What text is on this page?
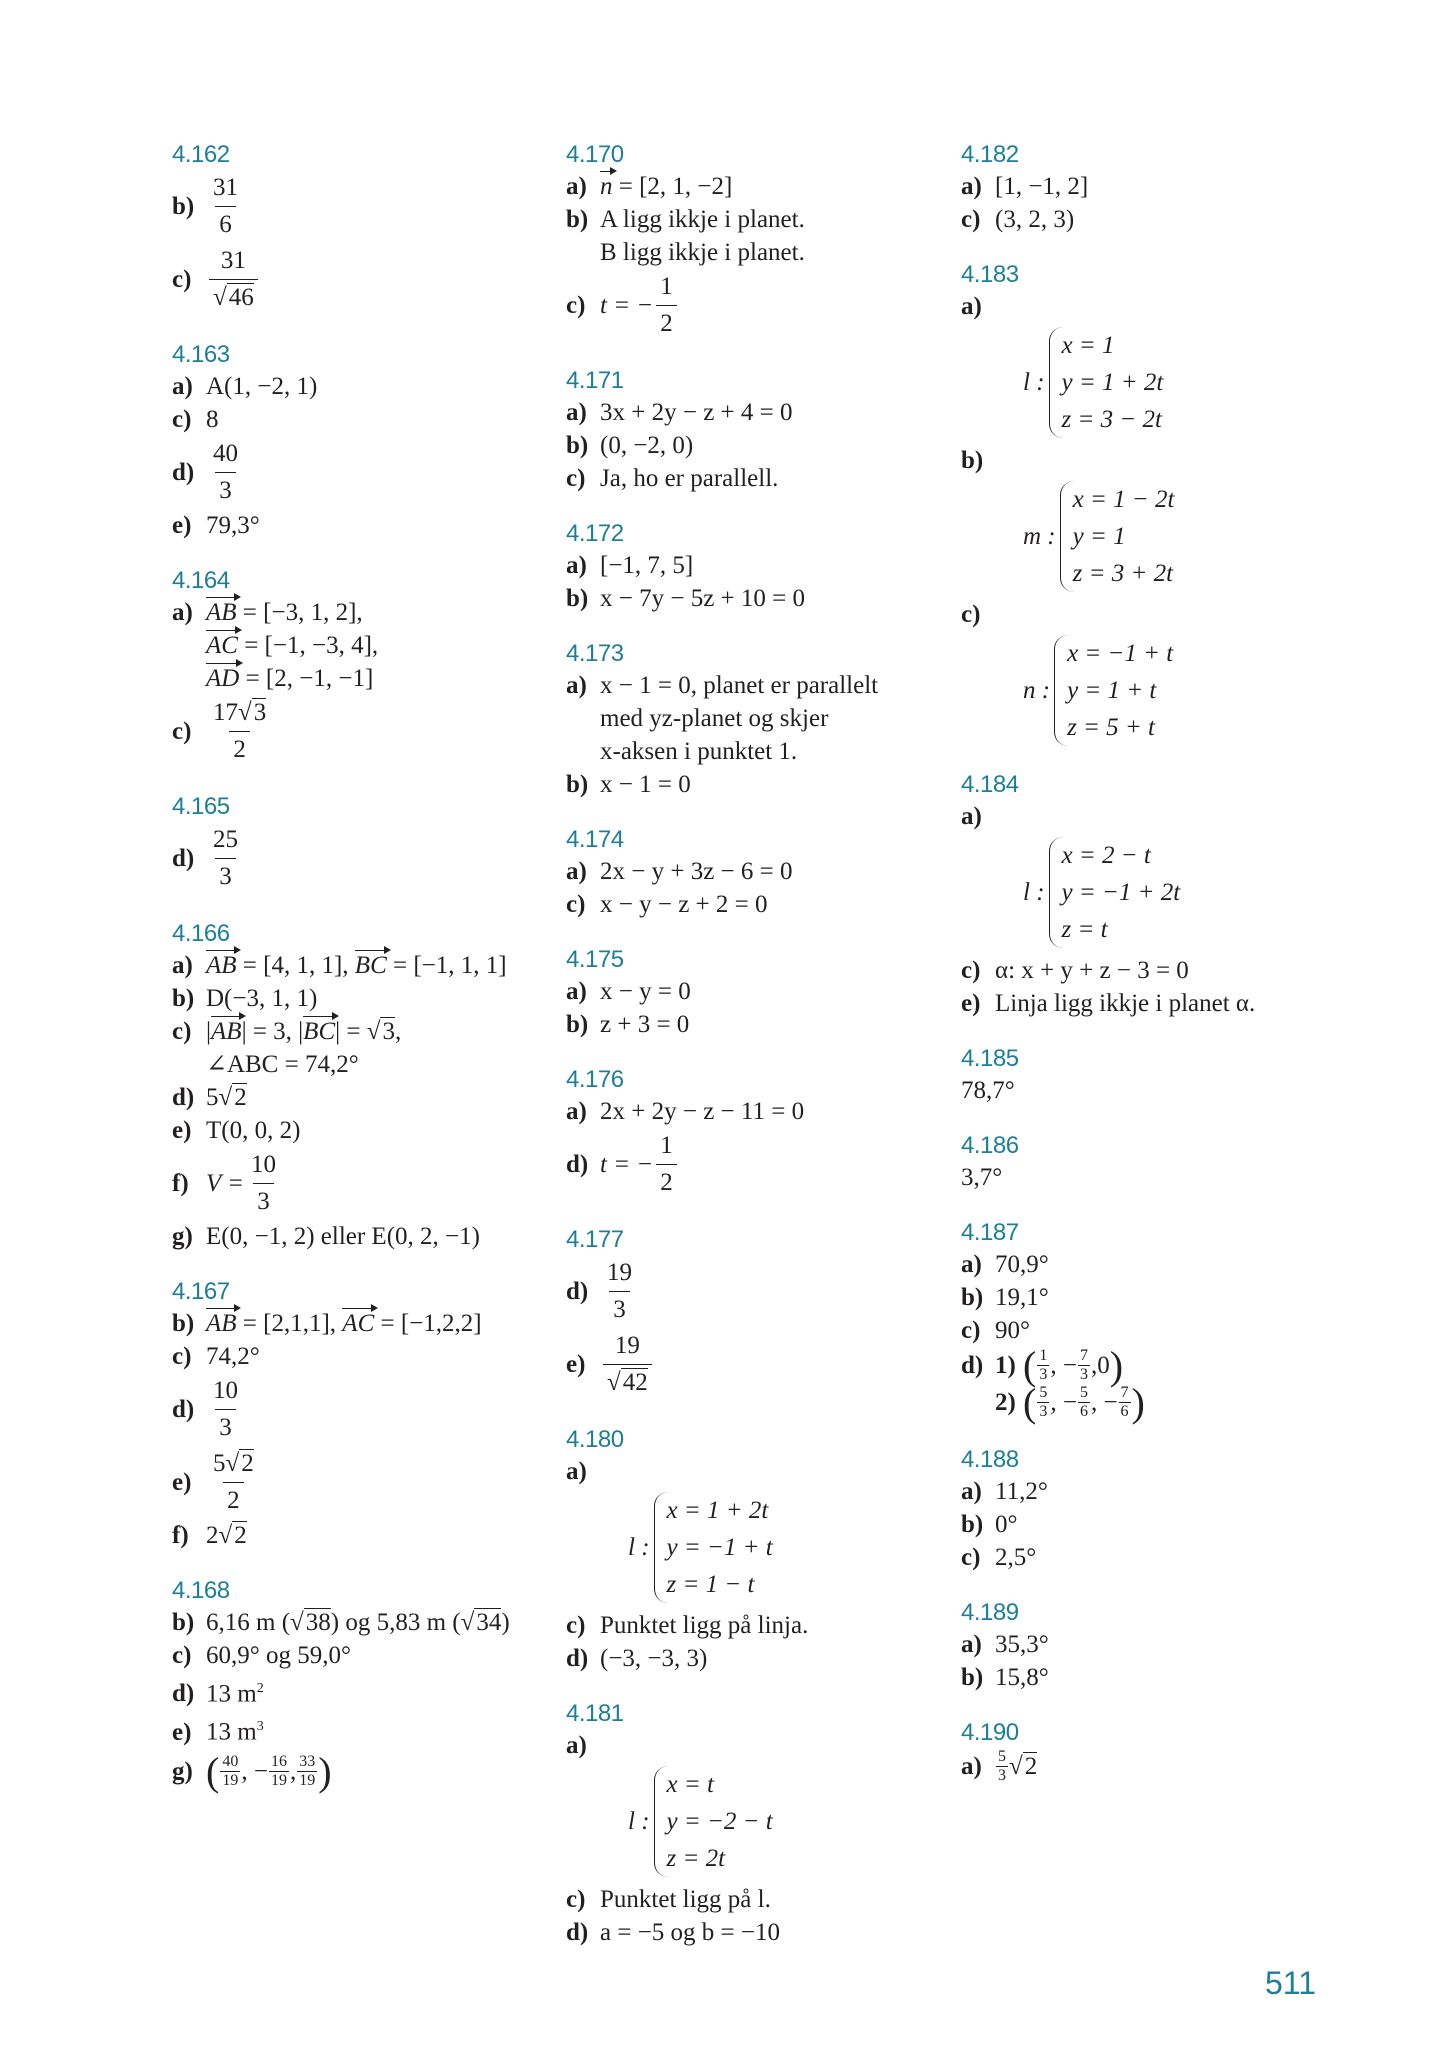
4.162
$b) \frac{31}{6}$
$c) \frac{31}{√46}$
4.163
a) A(1, −2, 1)
c) 8
$d) \frac{40}{3}$
e) 79,3°
4.164
a) AB = [−3, 1, 2],
AC = [−1, −3, 4],
AD = [2, −1, −1]
$c) \frac{17√3}{2}$
4.165
$d) \frac{25}{3}$
4.166
a) AB = [4, 1, 1], BC = [−1, 1, 1]
b) D(−3, 1, 1)
c) |AB| = 3, |BC| = √3,
∠ABC = 74,2°
d) 5√2
e) T(0, 0, 2)
f) $V = \frac{10}{3}$
g) E(0, −1, 2) eller E(0, 2, −1)
4.167
b) AB = [2,1,1], AC = [−1,2,2]
c) 74,2°
$d) \frac{10}{3}$
$e) \frac{5√2}{2}$
f) 2√2
4.168
b) 6,16 m (√38) og 5,83 m (√34)
c) 60,9° og 59,0°
d) 13 $m^2$
e) 13 $m^3$
g) ( $\frac{40}{19}$ , − $\frac{16}{19}$ , $\frac{33}{19}$ )
4.170
a) n = [2, 1, −2]
b) A ligg ikkje i planet.
B ligg ikkje i planet.
c) t = − $\frac{1}{2}$
4.171
a) 3x + 2y − z + 4 = 0
b) (0, −2, 0)
c) Ja, ho er parallell.
4.172
a) [−1, 7, 5]
b) x − 7y − 5z + 10 = 0
4.173
a) x − 1 = 0, planet er parallelt
med yz-planet og skjer
x-aksen i punktet 1.
b) x − 1 = 0
4.174
a) 2x − y + 3z − 6 = 0
c) x − y − z + 2 = 0
4.175
a) x − y = 0
b) z + 3 = 0
4.176
a) 2x + 2y − z − 11 = 0
d) t = − $\frac{1}{2}$
4.177
$d) \frac{19}{3}$
$e) \frac{19}{√42}$
4.180
a)
l :
x = 1 + 2t
y = −1 + t
z = 1 − t
c) Punktet ligg på linja.
d) (−3, −3, 3)
4.181
a)
l :
x = t
y = −2 − t
z = 2t
c) Punktet ligg på l.
d) a = −5 og b = −10
4.182
a) [1, −1, 2]
c) (3, 2, 3)
4.183
a)
l :
x = 1
y = 1 + 2t
z = 3 − 2t
b)
m :
x = 1 − 2t
y = 1
z = 3 + 2t
c)
n :
x = −1 + t
y = 1 + t
z = 5 + t
4.184
a)
l :
x = 2 − t
y = −1 + 2t
z = t
c) α: x + y + z − 3 = 0
e) Linja ligg ikkje i planet α.
4.185
78,7°
4.186
3,7°
4.187
a) 70,9°
b) 19,1°
c) 90°
d) 1) ( $\frac{1}{3}$ , − $\frac{7}{3}$ , 0 )
2) ( $\frac{5}{3}$ , − $\frac{5}{6}$ , − $\frac{7}{6}$ )
4.188
a) 11,2°
b) 0°
c) 2,5°
4.189
a) 35,3°
b) 15,8°
4.190
$a) \frac{5}{3} √2$
511
